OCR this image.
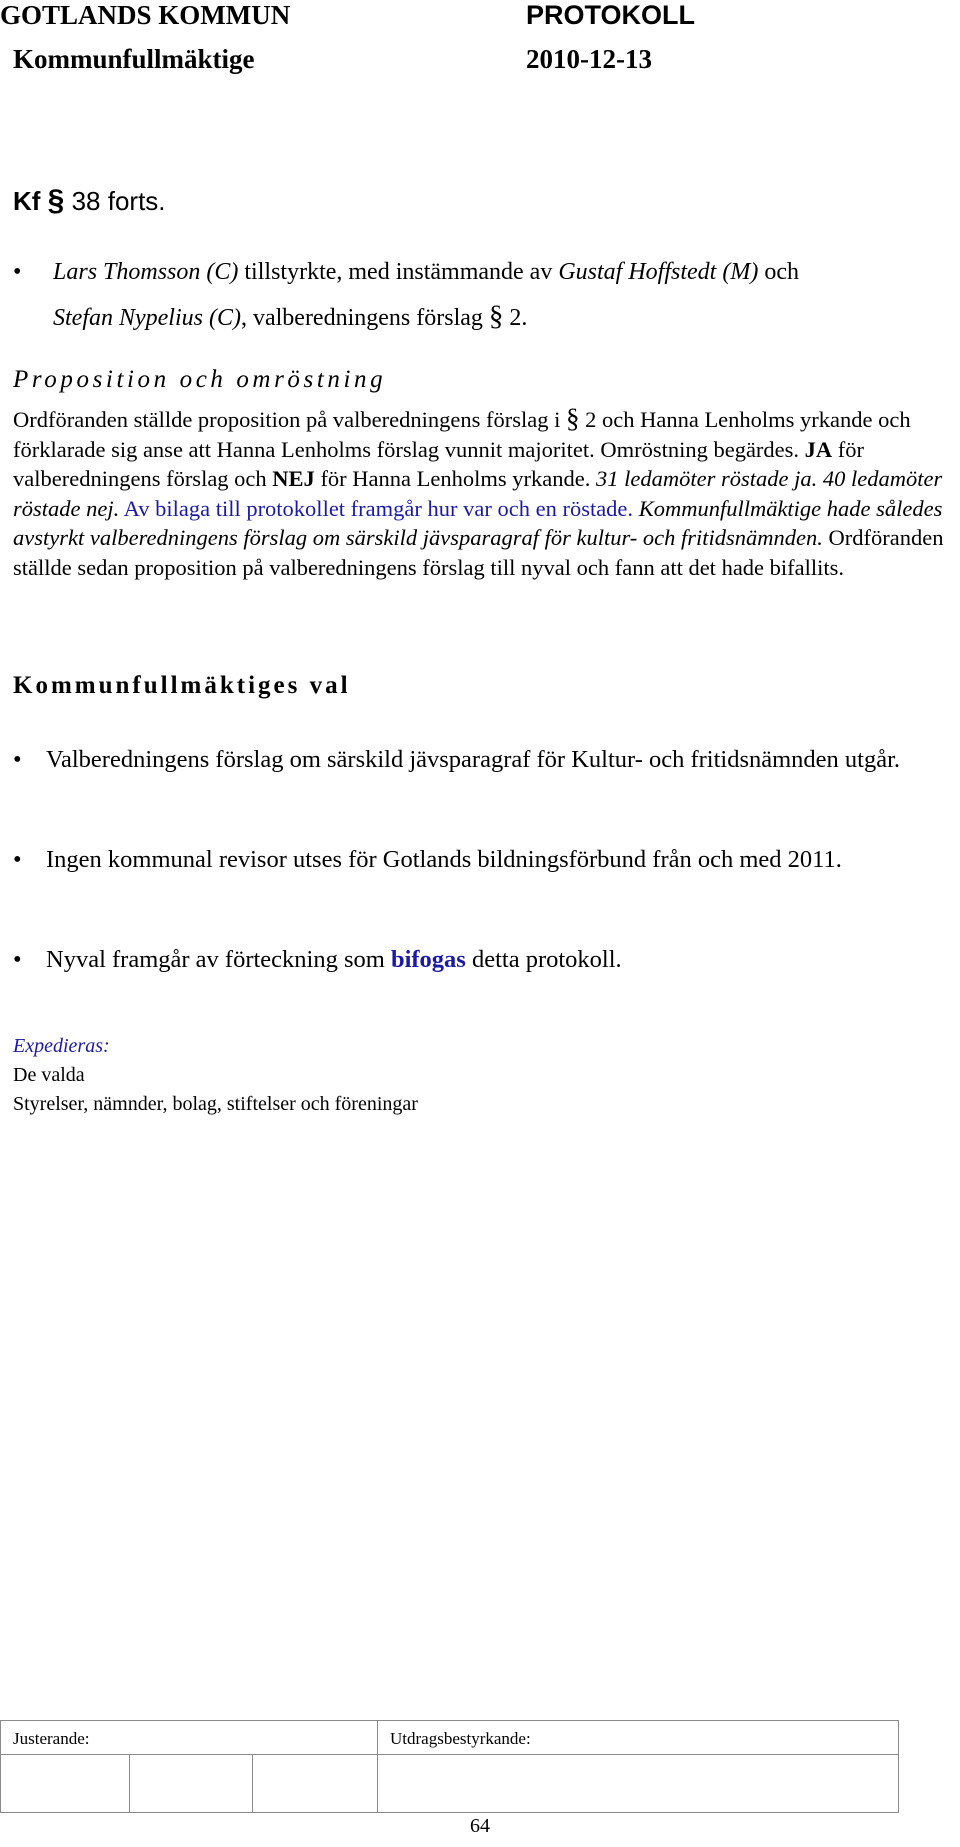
GOTLANDS KOMMUN	PROTOKOLL
Kommunfullmäktige	2010-12-13
Kf § 38 forts.
• Lars Thomsson (C) tillstyrkte, med instämmande av Gustaf Hoffstedt (M) och
Stefan Nypelius (C), valberedningens förslag § 2.
Proposition och omröstning
Ordföranden ställde proposition på valberedningens förslag i § 2 och Hanna Lenholms yrkande och förklarade sig anse att Hanna Lenholms förslag vunnit majoritet. Omröstning begärdes. JA för valberedningens förslag och NEJ för Hanna Lenholms yrkande. 31 ledamöter röstade ja. 40 ledamöter röstade nej. Av bilaga till protokollet framgår hur var och en röstade. Kommunfullmäktige hade således avstyrkt valberedningens förslag om särskild jävsparagraf för kultur- och fritidsnämnden. Ordföranden ställde sedan proposition på valberedningens förslag till nyval och fann att det hade bifallits.
Kommunfullmäktiges val
• Valberedningens förslag om särskild jävsparagraf för Kultur- och fritidsnämnden utgår.
• Ingen kommunal revisor utses för Gotlands bildningsförbund från och med 2011.
• Nyval framgår av förteckning som bifogas detta protokoll.
Expedieras:
De valda
Styrelser, nämnder, bolag, stiftelser och föreningar
Justerande:			Utdragsbestyrkande:

64
